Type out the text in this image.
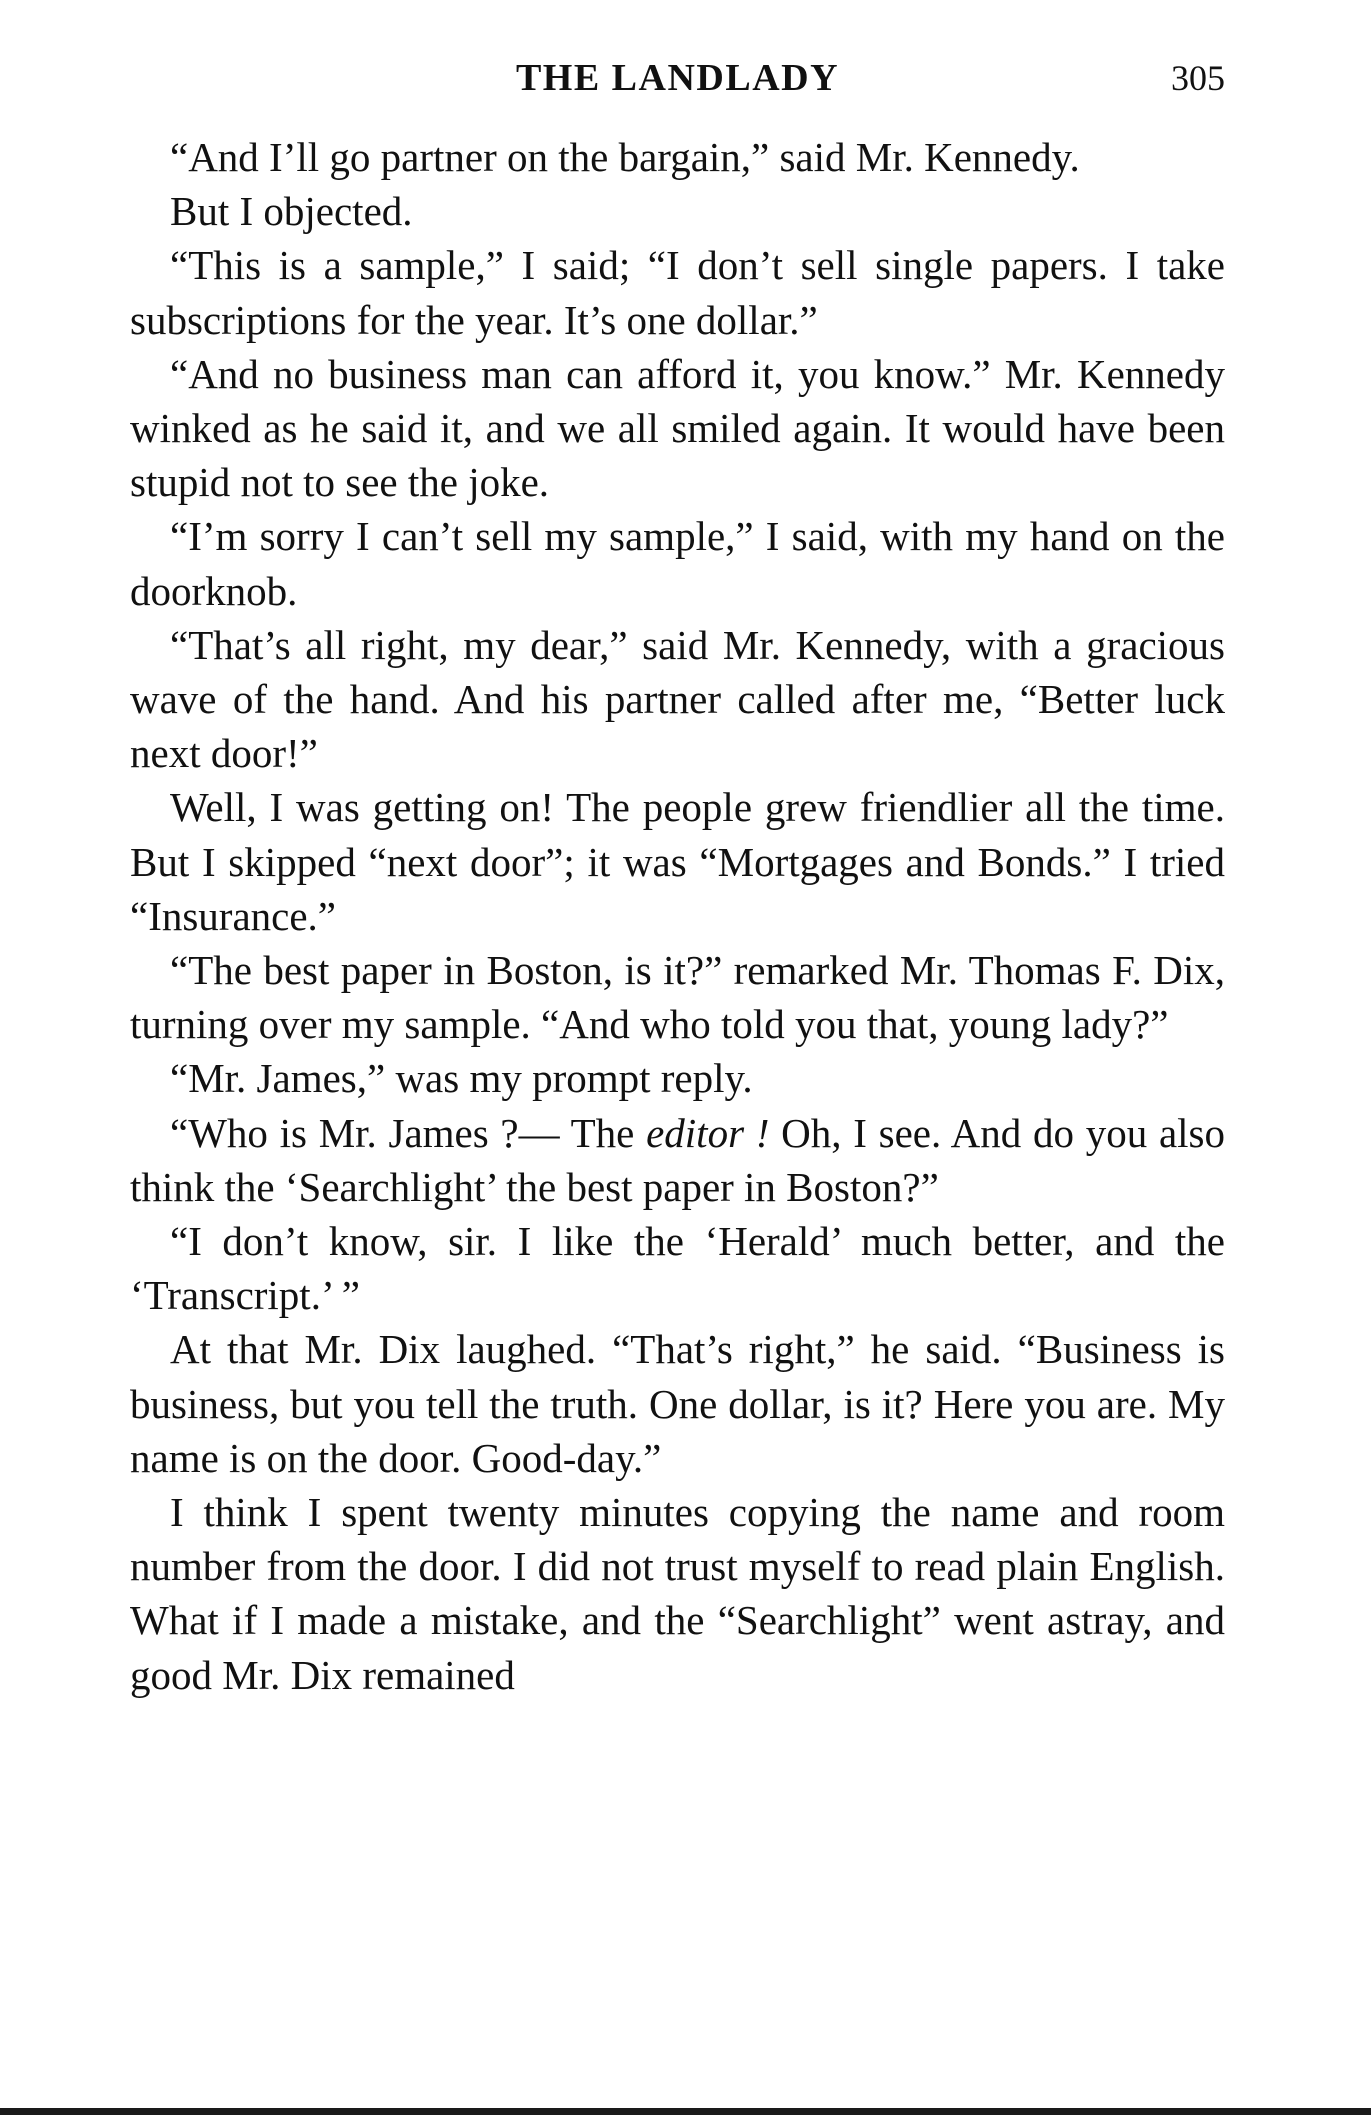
THE LANDLADY	305

“And I’ll go partner on the bargain,” said Mr. Kennedy.

But I objected.

“This is a sample,” I said; “I don’t sell single papers. I take subscriptions for the year. It’s one dollar.”

“And no business man can afford it, you know.” Mr. Kennedy winked as he said it, and we all smiled again. It would have been stupid not to see the joke.

“I’m sorry I can’t sell my sample,” I said, with my hand on the doorknob.

“That’s all right, my dear,” said Mr. Kennedy, with a gracious wave of the hand. And his partner called after me, “Better luck next door!”

Well, I was getting on! The people grew friendlier all the time. But I skipped “next door”; it was “Mortgages and Bonds.” I tried “Insurance.”

“The best paper in Boston, is it?” remarked Mr. Thomas F. Dix, turning over my sample. “And who told you that, young lady?”

“Mr. James,” was my prompt reply.

“Who is Mr. James ?— The editor ! Oh, I see. And do you also think the ‘Searchlight’ the best paper in Boston?”

“I don’t know, sir. I like the ‘Herald’ much better, and the ‘Transcript.’ ”

At that Mr. Dix laughed. “That’s right,” he said. “Business is business, but you tell the truth. One dollar, is it? Here you are. My name is on the door. Good-day.”

I think I spent twenty minutes copying the name and room number from the door. I did not trust myself to read plain English. What if I made a mistake, and the “Searchlight” went astray, and good Mr. Dix remained
